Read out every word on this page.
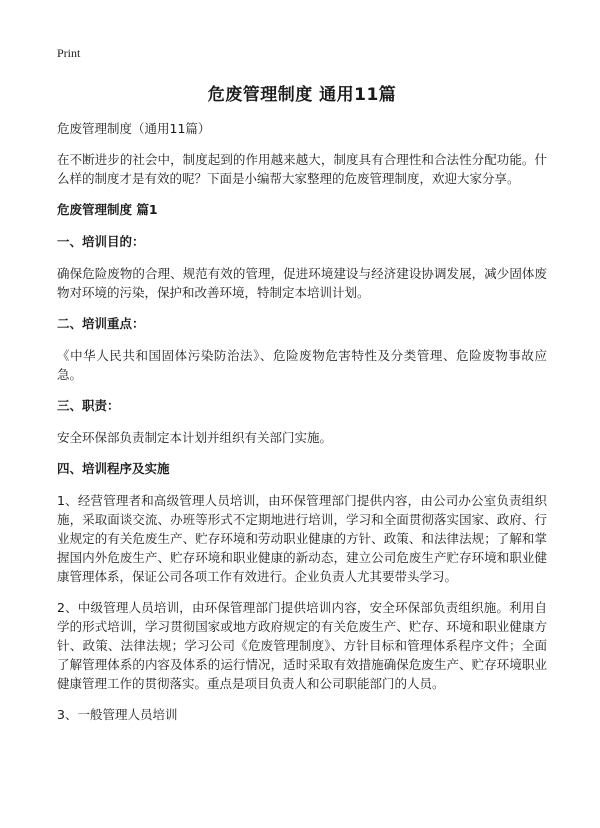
Print
危废管理制度 通用11篇

危废管理制度（通用11篇）

在不断进步的社会中，制度起到的作用越来越大，制度具有合理性和合法性分配功能。什么样的制度才是有效的呢？下面是小编帮大家整理的危废管理制度，欢迎大家分享。

危废管理制度 篇1
一、培训目的：

确保危险废物的合理、规范有效的管理，促进环境建设与经济建设协调发展，减少固体废物对环境的污染，保护和改善环境，特制定本培训计划。

二、培训重点：

《中华人民共和国固体污染防治法》、危险废物危害特性及分类管理、危险废物事故应急。

三、职责：

安全环保部负责制定本计划并组织有关部门实施。

四、培训程序及实施

1、经营管理者和高级管理人员培训，由环保管理部门提供内容，由公司办公室负责组织施，采取面谈交流、办班等形式不定期地进行培训，学习和全面贯彻落实国家、政府、行业规定的有关危废生产、贮存环境和劳动职业健康的方针、政策、和法律法规；了解和掌握国内外危废生产、贮存环境和职业健康的新动态，建立公司危废生产贮存环境和职业健康管理体系，保证公司各项工作有效进行。企业负责人尤其要带头学习。

2、中级管理人员培训，由环保管理部门提供培训内容，安全环保部负责组织施。利用自学的形式培训，学习贯彻国家或地方政府规定的有关危废生产、贮存、环境和职业健康方针、政策、法律法规；学习公司《危废管理制度》、方针目标和管理体系程序文件；全面了解管理体系的内容及体系的运行情况，适时采取有效措施确保危废生产、贮存环境职业健康管理工作的贯彻落实。重点是项目负责人和公司职能部门的人员。

3、一般管理人员培训
